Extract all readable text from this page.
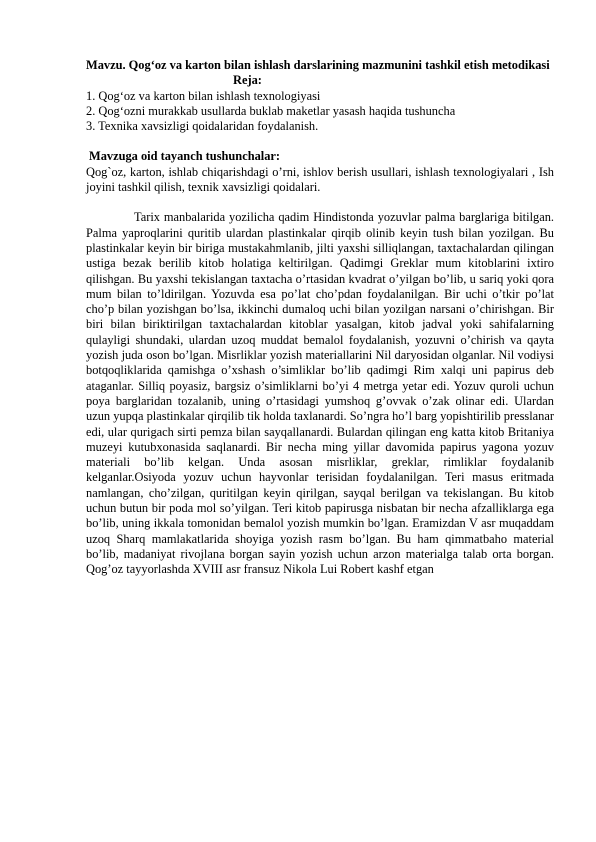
Mavzu. Qog‘oz va karton bilan ishlash darslarining mazmunini tashkil etish metodikasi

Reja:

1. Qog‘oz va karton bilan ishlash texnologiyasi

2. Qog‘ozni murakkab usullarda buklab maketlar yasash haqida tushuncha

3. Texnika xavsizligi qoidalaridan foydalanish.

Mavzuga oid tayanch tushunchalar:

Qog`oz, karton, ishlab chiqarishdagi o’rni, ishlov berish usullari, ishlash texnologiyalari , Ish joyini tashkil qilish, texnik xavsizligi qoidalari.

Tarix manbalarida yozilicha qadim Hindistonda yozuvlar palma barglariga bitilgan. Palma yaproqlarini quritib ulardan plastinkalar qirqib olinib keyin tush bilan yozilgan. Bu plastinkalar keyin bir biriga mustakahmlanib, jilti yaxshi silliqlangan, taxtachalardan qilingan ustiga bezak berilib kitob holatiga keltirilgan. Qadimgi Greklar mum kitoblarini ixtiro qilishgan. Bu yaxshi tekislangan taxtacha o’rtasidan kvadrat o’yilgan bo’lib, u sariq yoki qora mum bilan to’ldirilgan. Yozuvda esa po’lat cho’pdan foydalanilgan. Bir uchi o’tkir po’lat cho’p bilan yozishgan bo’lsa, ikkinchi dumaloq uchi bilan yozilgan narsani o’chirishgan. Bir biri bilan biriktirilgan taxtachalardan kitoblar yasalgan, kitob jadval yoki sahifalarning qulayligi shundaki, ulardan uzoq muddat bemalol foydalanish, yozuvni o’chirish va qayta yozish juda oson bo’lgan. Misrliklar yozish materiallarini Nil daryosidan olganlar. Nil vodiysi botqoqliklarida qamishga o’xshash o’simliklar bo’lib qadimgi Rim xalqi uni papirus deb ataganlar. Silliq poyasiz, bargsiz o’simliklarni bo’yi 4 metrga yetar edi. Yozuv quroli uchun poya barglaridan tozalanib, uning o’rtasidagi yumshoq g’ovvak o’zak olinar edi. Ulardan uzun yupqa plastinkalar qirqilib tik holda taxlanardi. So’ngra ho’l barg yopishtirilib presslanar edi, ular qurigach sirti pemza bilan sayqallanardi. Bulardan qilingan eng katta kitob Britaniya muzeyi kutubxonasida saqlanardi. Bir necha ming yillar davomida papirus yagona yozuv materiali bo’lib kelgan. Unda asosan misrliklar, greklar, rimliklar foydalanib kelganlar.Osiyoda yozuv uchun hayvonlar terisidan foydalanilgan. Teri masus eritmada namlangan, cho’zilgan, quritilgan keyin qirilgan, sayqal berilgan va tekislangan. Bu kitob uchun butun bir poda mol so’yilgan. Teri kitob papirusga nisbatan bir necha afzalliklarga ega bo’lib, uning ikkala tomonidan bemalol yozish mumkin bo’lgan. Eramizdan V asr muqaddam uzoq Sharq mamlakatlarida shoyiga yozish rasm bo’lgan. Bu ham qimmatbaho material bo’lib, madaniyat rivojlana borgan sayin yozish uchun arzon materialga talab orta borgan. Qog’oz tayyorlashda XVIII asr fransuz Nikola Lui Robert kashf etgan
